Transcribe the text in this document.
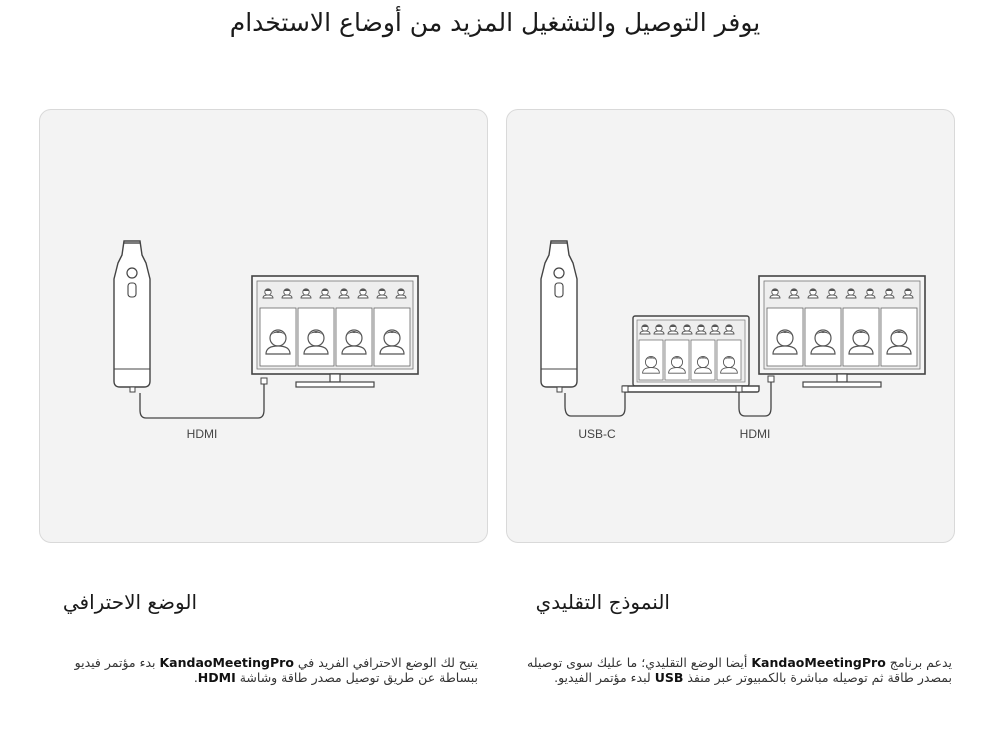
يوفر التوصيل والتشغيل المزيد من أوضاع الاستخدام
USB-C	HDMI
HDMI
النموذج التقليدي
الوضع الاحترافي
يدعم برنامج KandaoMeetingPro أيضا الوضع التقليدي؛ ما عليك سوى توصيله بمصدر طاقة ثم توصيله مباشرة بالكمبيوتر عبر منفذ USB لبدء مؤتمر الفيديو.
يتيح لك الوضع الاحترافي الفريد في KandaoMeetingPro بدء مؤتمر فيديو ببساطة عن طريق توصيل مصدر طاقة وشاشة HDMI.
